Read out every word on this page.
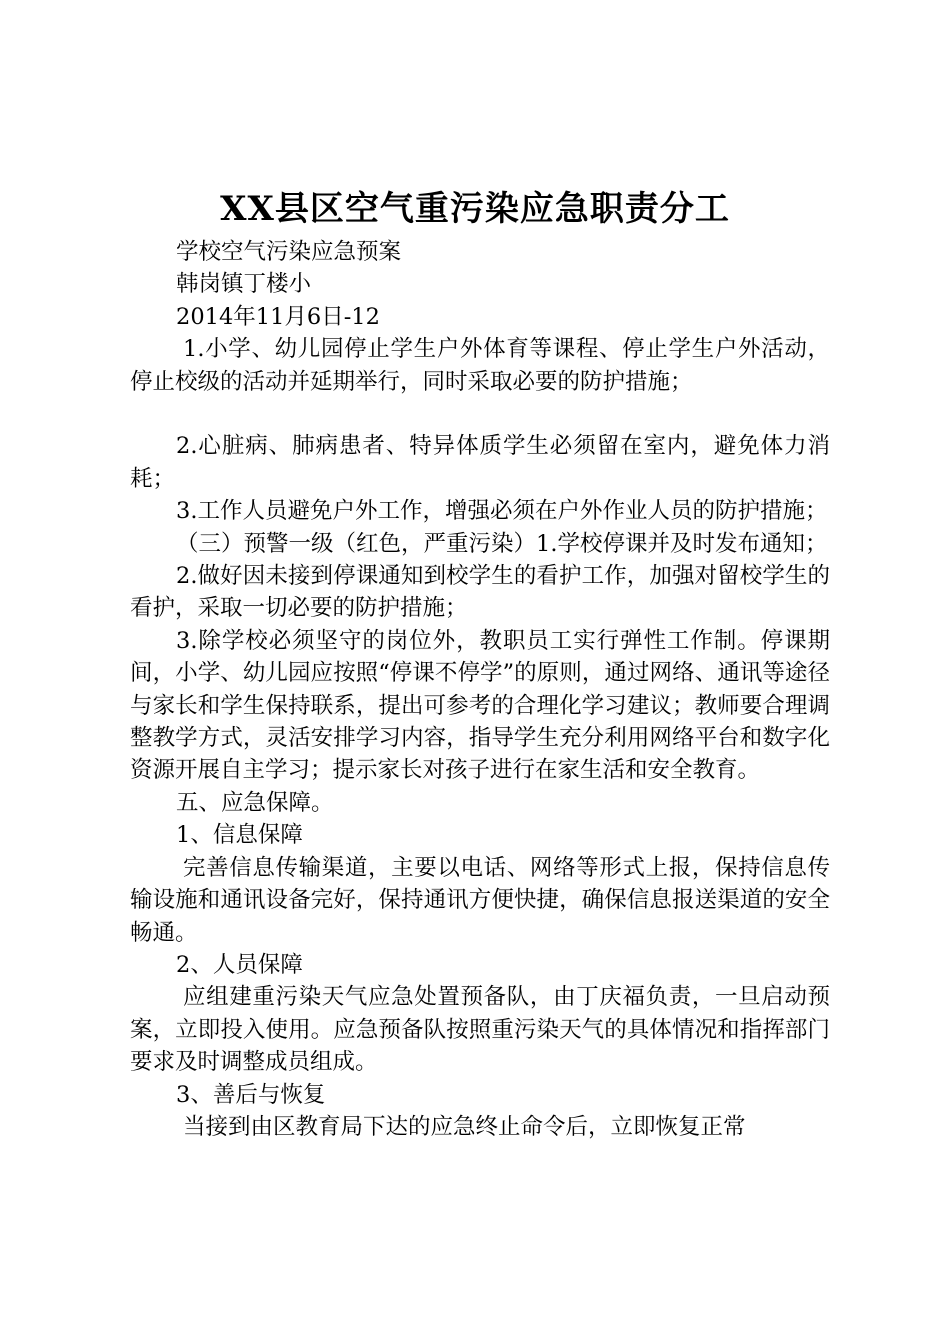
XX县区空气重污染应急职责分工

学校空气污染应急预案

韩岗镇丁楼小

2014年11月6日-12

1.小学、幼儿园停止学生户外体育等课程、停止学生户外活动，停止校级的活动并延期举行，同时采取必要的防护措施；

2.心脏病、肺病患者、特异体质学生必须留在室内，避免体力消耗；

3.工作人员避免户外工作，增强必须在户外作业人员的防护措施；

（三）预警一级（红色，严重污染）1.学校停课并及时发布通知；

2.做好因未接到停课通知到校学生的看护工作，加强对留校学生的看护，采取一切必要的防护措施；

3.除学校必须坚守的岗位外，教职员工实行弹性工作制。停课期间，小学、幼儿园应按照“停课不停学”的原则，通过网络、通讯等途径与家长和学生保持联系，提出可参考的合理化学习建议；教师要合理调整教学方式，灵活安排学习内容，指导学生充分利用网络平台和数字化资源开展自主学习；提示家长对孩子进行在家生活和安全教育。

五、应急保障。

1、信息保障

完善信息传输渠道，主要以电话、网络等形式上报，保持信息传输设施和通讯设备完好，保持通讯方便快捷，确保信息报送渠道的安全畅通。

2、人员保障

应组建重污染天气应急处置预备队，由丁庆福负责，一旦启动预案，立即投入使用。应急预备队按照重污染天气的具体情况和指挥部门要求及时调整成员组成。

3、善后与恢复

当接到由区教育局下达的应急终止命令后，立即恢复正常
